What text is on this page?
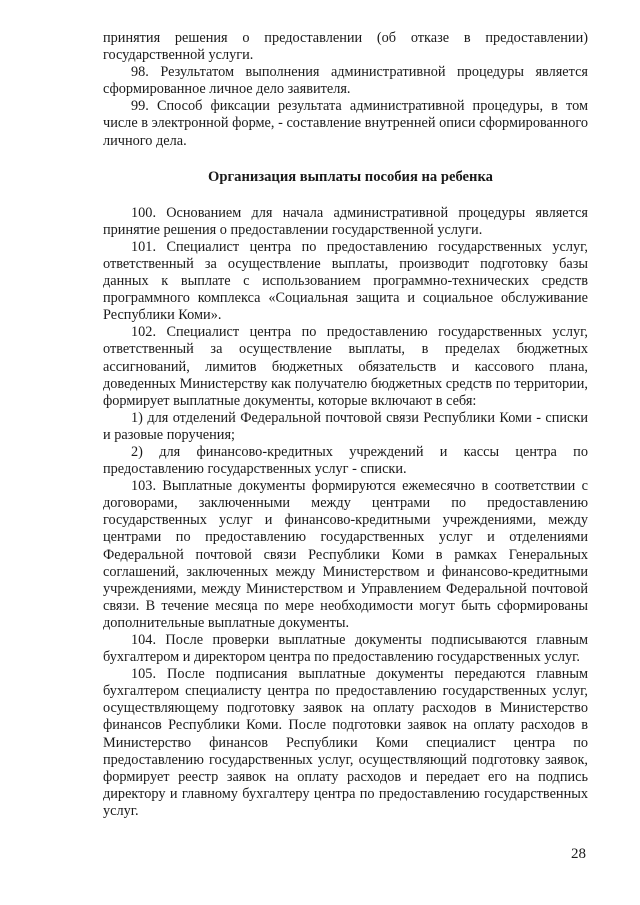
принятия решения о предоставлении (об отказе в предоставлении) государственной услуги.

98. Результатом выполнения административной процедуры является сформированное личное дело заявителя.

99. Способ фиксации результата административной процедуры, в том числе в электронной форме, - составление внутренней описи сформированного личного дела.

Организация выплаты пособия на ребенка

100. Основанием для начала административной процедуры является принятие решения о предоставлении государственной услуги.

101. Специалист центра по предоставлению государственных услуг, ответственный за осуществление выплаты, производит подготовку базы данных к выплате с использованием программно-технических средств программного комплекса «Социальная защита и социальное обслуживание Республики Коми».

102. Специалист центра по предоставлению государственных услуг, ответственный за осуществление выплаты, в пределах бюджетных ассигнований, лимитов бюджетных обязательств и кассового плана, доведенных Министерству как получателю бюджетных средств по территории, формирует выплатные документы, которые включают в себя:

1) для отделений Федеральной почтовой связи Республики Коми - списки и разовые поручения;

2) для финансово-кредитных учреждений и кассы центра по предоставлению государственных услуг - списки.

103. Выплатные документы формируются ежемесячно в соответствии с договорами, заключенными между центрами по предоставлению государственных услуг и финансово-кредитными учреждениями, между центрами по предоставлению государственных услуг и отделениями Федеральной почтовой связи Республики Коми в рамках Генеральных соглашений, заключенных между Министерством и финансово-кредитными учреждениями, между Министерством и Управлением Федеральной почтовой связи. В течение месяца по мере необходимости могут быть сформированы дополнительные выплатные документы.

104. После проверки выплатные документы подписываются главным бухгалтером и директором центра по предоставлению государственных услуг.

105. После подписания выплатные документы передаются главным бухгалтером специалисту центра по предоставлению государственных услуг, осуществляющему подготовку заявок на оплату расходов в Министерство финансов Республики Коми. После подготовки заявок на оплату расходов в Министерство финансов Республики Коми специалист центра по предоставлению государственных услуг, осуществляющий подготовку заявок, формирует реестр заявок на оплату расходов и передает его на подпись директору и главному бухгалтеру центра по предоставлению государственных услуг.

28
